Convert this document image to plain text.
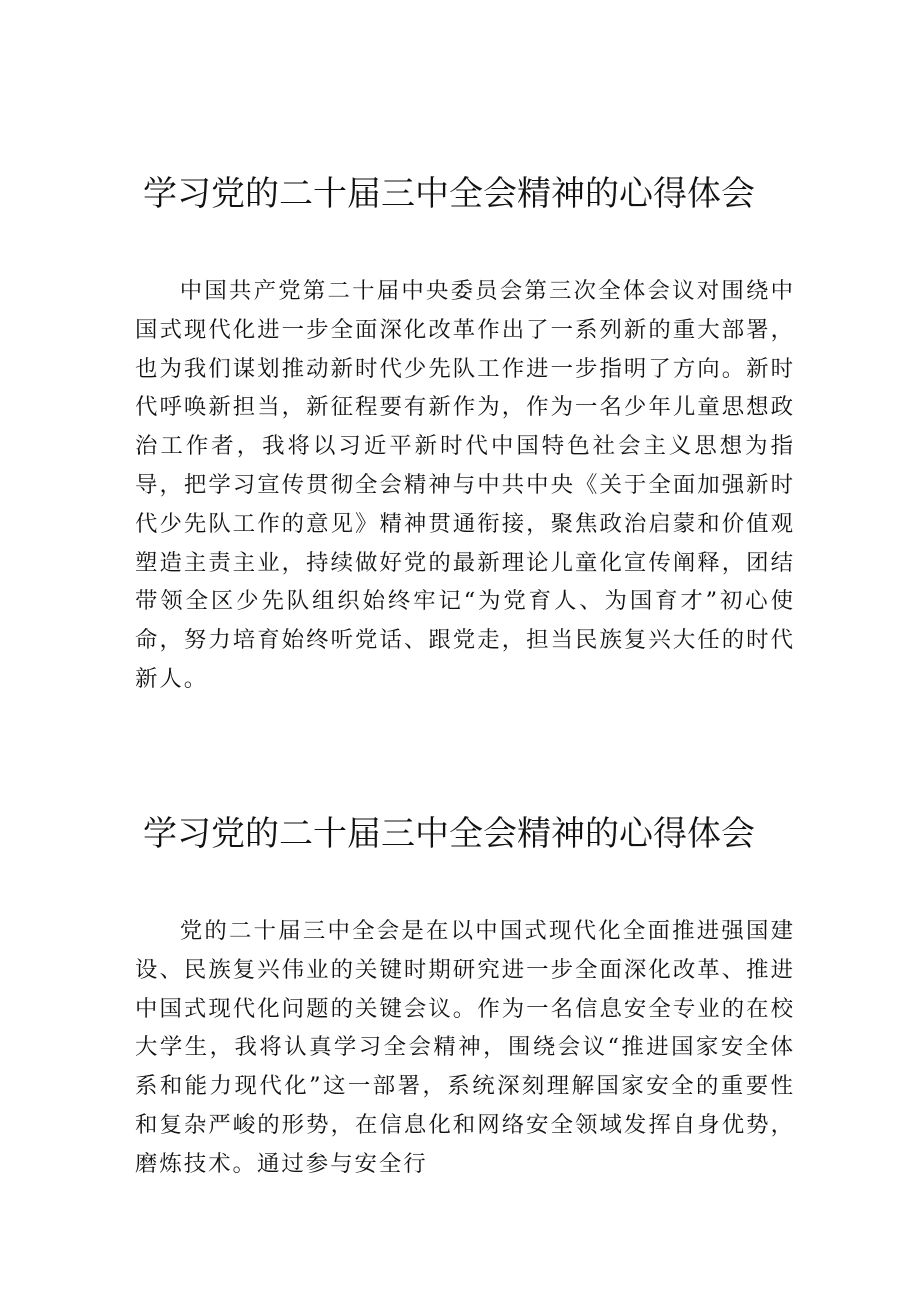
学习党的二十届三中全会精神的心得体会

中国共产党第二十届中央委员会第三次全体会议对围绕中国式现代化进一步全面深化改革作出了一系列新的重大部署，也为我们谋划推动新时代少先队工作进一步指明了方向。新时代呼唤新担当，新征程要有新作为，作为一名少年儿童思想政治工作者，我将以习近平新时代中国特色社会主义思想为指导，把学习宣传贯彻全会精神与中共中央《关于全面加强新时代少先队工作的意见》精神贯通衔接，聚焦政治启蒙和价值观塑造主责主业，持续做好党的最新理论儿童化宣传阐释，团结带领全区少先队组织始终牢记“为党育人、为国育才”初心使命，努力培育始终听党话、跟党走，担当民族复兴大任的时代新人。

学习党的二十届三中全会精神的心得体会

党的二十届三中全会是在以中国式现代化全面推进强国建设、民族复兴伟业的关键时期研究进一步全面深化改革、推进中国式现代化问题的关键会议。作为一名信息安全专业的在校大学生，我将认真学习全会精神，围绕会议“推进国家安全体系和能力现代化”这一部署，系统深刻理解国家安全的重要性和复杂严峻的形势，在信息化和网络安全领域发挥自身优势，磨炼技术。通过参与安全行
